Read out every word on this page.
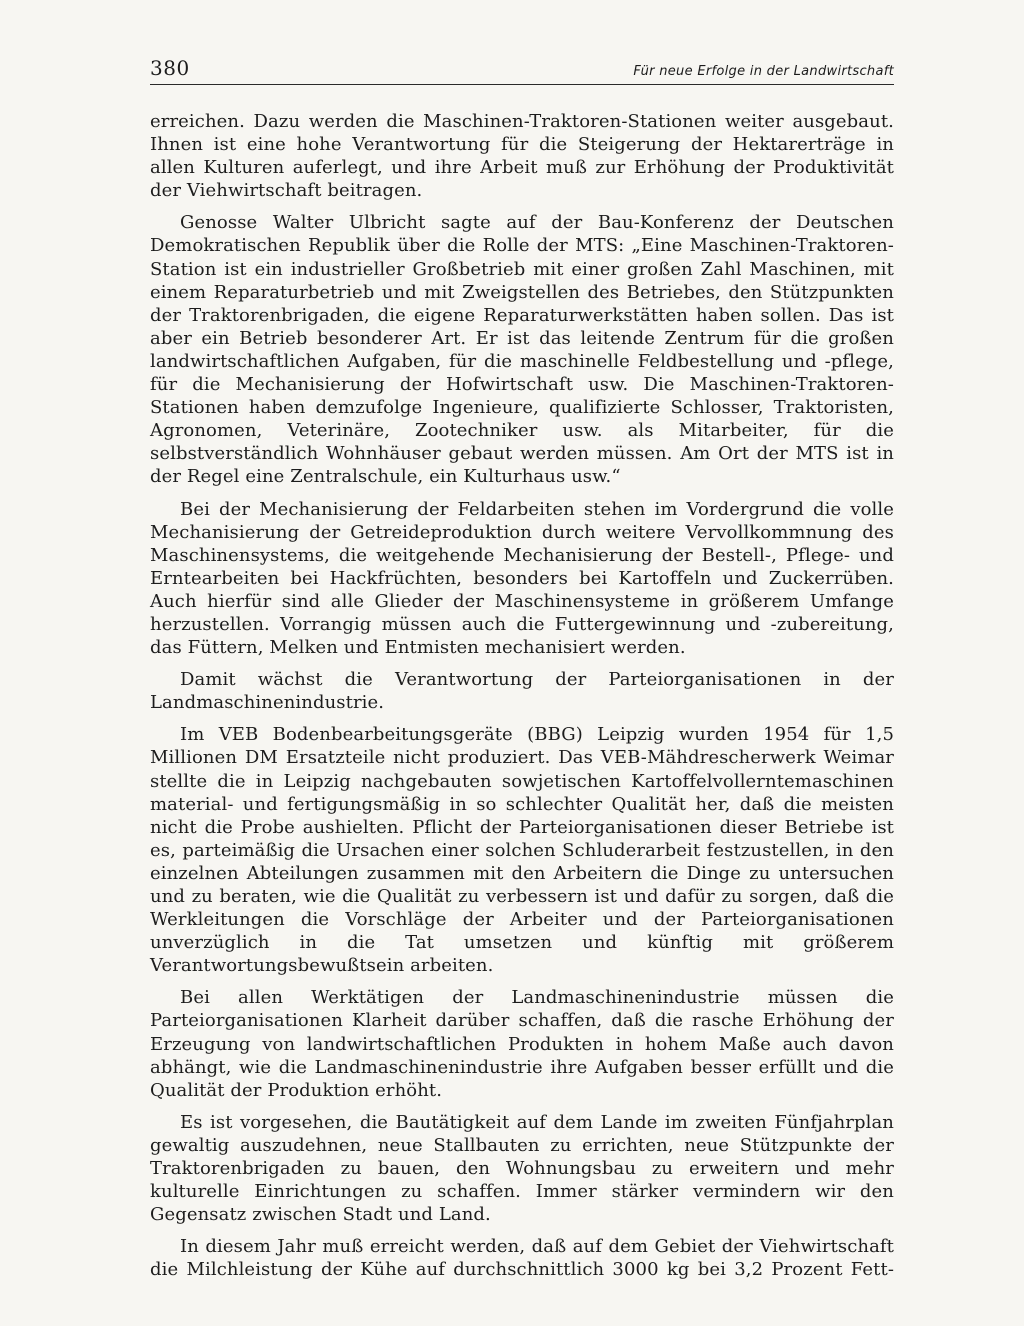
380	Für neue Erfolge in der Landwirtschaft

erreichen. Dazu werden die Maschinen-Traktoren-Stationen weiter ausgebaut. Ihnen ist eine hohe Verantwortung für die Steigerung der Hektarerträge in allen Kulturen auferlegt, und ihre Arbeit muß zur Erhöhung der Produktivität der Viehwirtschaft beitragen.

Genosse Walter Ulbricht sagte auf der Bau-Konferenz der Deutschen Demokratischen Republik über die Rolle der MTS: „Eine Maschinen-Traktoren-Station ist ein industrieller Großbetrieb mit einer großen Zahl Maschinen, mit einem Reparaturbetrieb und mit Zweigstellen des Betriebes, den Stützpunkten der Traktorenbrigaden, die eigene Reparaturwerkstätten haben sollen. Das ist aber ein Betrieb besonderer Art. Er ist das leitende Zentrum für die großen landwirtschaftlichen Aufgaben, für die maschinelle Feldbestellung und -pflege, für die Mechanisierung der Hofwirtschaft usw. Die Maschinen-Traktoren-Stationen haben demzufolge Ingenieure, qualifizierte Schlosser, Traktoristen, Agronomen, Veterinäre, Zootechniker usw. als Mitarbeiter, für die selbstverständlich Wohnhäuser gebaut werden müssen. Am Ort der MTS ist in der Regel eine Zentralschule, ein Kulturhaus usw.“

Bei der Mechanisierung der Feldarbeiten stehen im Vordergrund die volle Mechanisierung der Getreideproduktion durch weitere Vervollkommnung des Maschinensystems, die weitgehende Mechanisierung der Bestell-, Pflege- und Erntearbeiten bei Hackfrüchten, besonders bei Kartoffeln und Zuckerrüben. Auch hierfür sind alle Glieder der Maschinensysteme in größerem Umfange herzustellen. Vorrangig müssen auch die Futtergewinnung und -zubereitung, das Füttern, Melken und Entmisten mechanisiert werden.

Damit wächst die Verantwortung der Parteiorganisationen in der Landmaschinenindustrie.

Im VEB Bodenbearbeitungsgeräte (BBG) Leipzig wurden 1954 für 1,5 Millionen DM Ersatzteile nicht produziert. Das VEB-Mähdrescherwerk Weimar stellte die in Leipzig nachgebauten sowjetischen Kartoffelvollerntemaschinen material- und fertigungsmäßig in so schlechter Qualität her, daß die meisten nicht die Probe aushielten. Pflicht der Parteiorganisationen dieser Betriebe ist es, parteimäßig die Ursachen einer solchen Schluderarbeit festzustellen, in den einzelnen Abteilungen zusammen mit den Arbeitern die Dinge zu untersuchen und zu beraten, wie die Qualität zu verbessern ist und dafür zu sorgen, daß die Werkleitungen die Vorschläge der Arbeiter und der Parteiorganisationen unverzüglich in die Tat umsetzen und künftig mit größerem Verantwortungsbewußtsein arbeiten.

Bei allen Werktätigen der Landmaschinenindustrie müssen die Parteiorganisationen Klarheit darüber schaffen, daß die rasche Erhöhung der Erzeugung von landwirtschaftlichen Produkten in hohem Maße auch davon abhängt, wie die Landmaschinenindustrie ihre Aufgaben besser erfüllt und die Qualität der Produktion erhöht.

Es ist vorgesehen, die Bautätigkeit auf dem Lande im zweiten Fünfjahrplan gewaltig auszudehnen, neue Stallbauten zu errichten, neue Stützpunkte der Traktorenbrigaden zu bauen, den Wohnungsbau zu erweitern und mehr kulturelle Einrichtungen zu schaffen. Immer stärker vermindern wir den Gegensatz zwischen Stadt und Land.

In diesem Jahr muß erreicht werden, daß auf dem Gebiet der Viehwirtschaft die Milchleistung der Kühe auf durchschnittlich 3000 kg bei 3,2 Prozent Fett-
